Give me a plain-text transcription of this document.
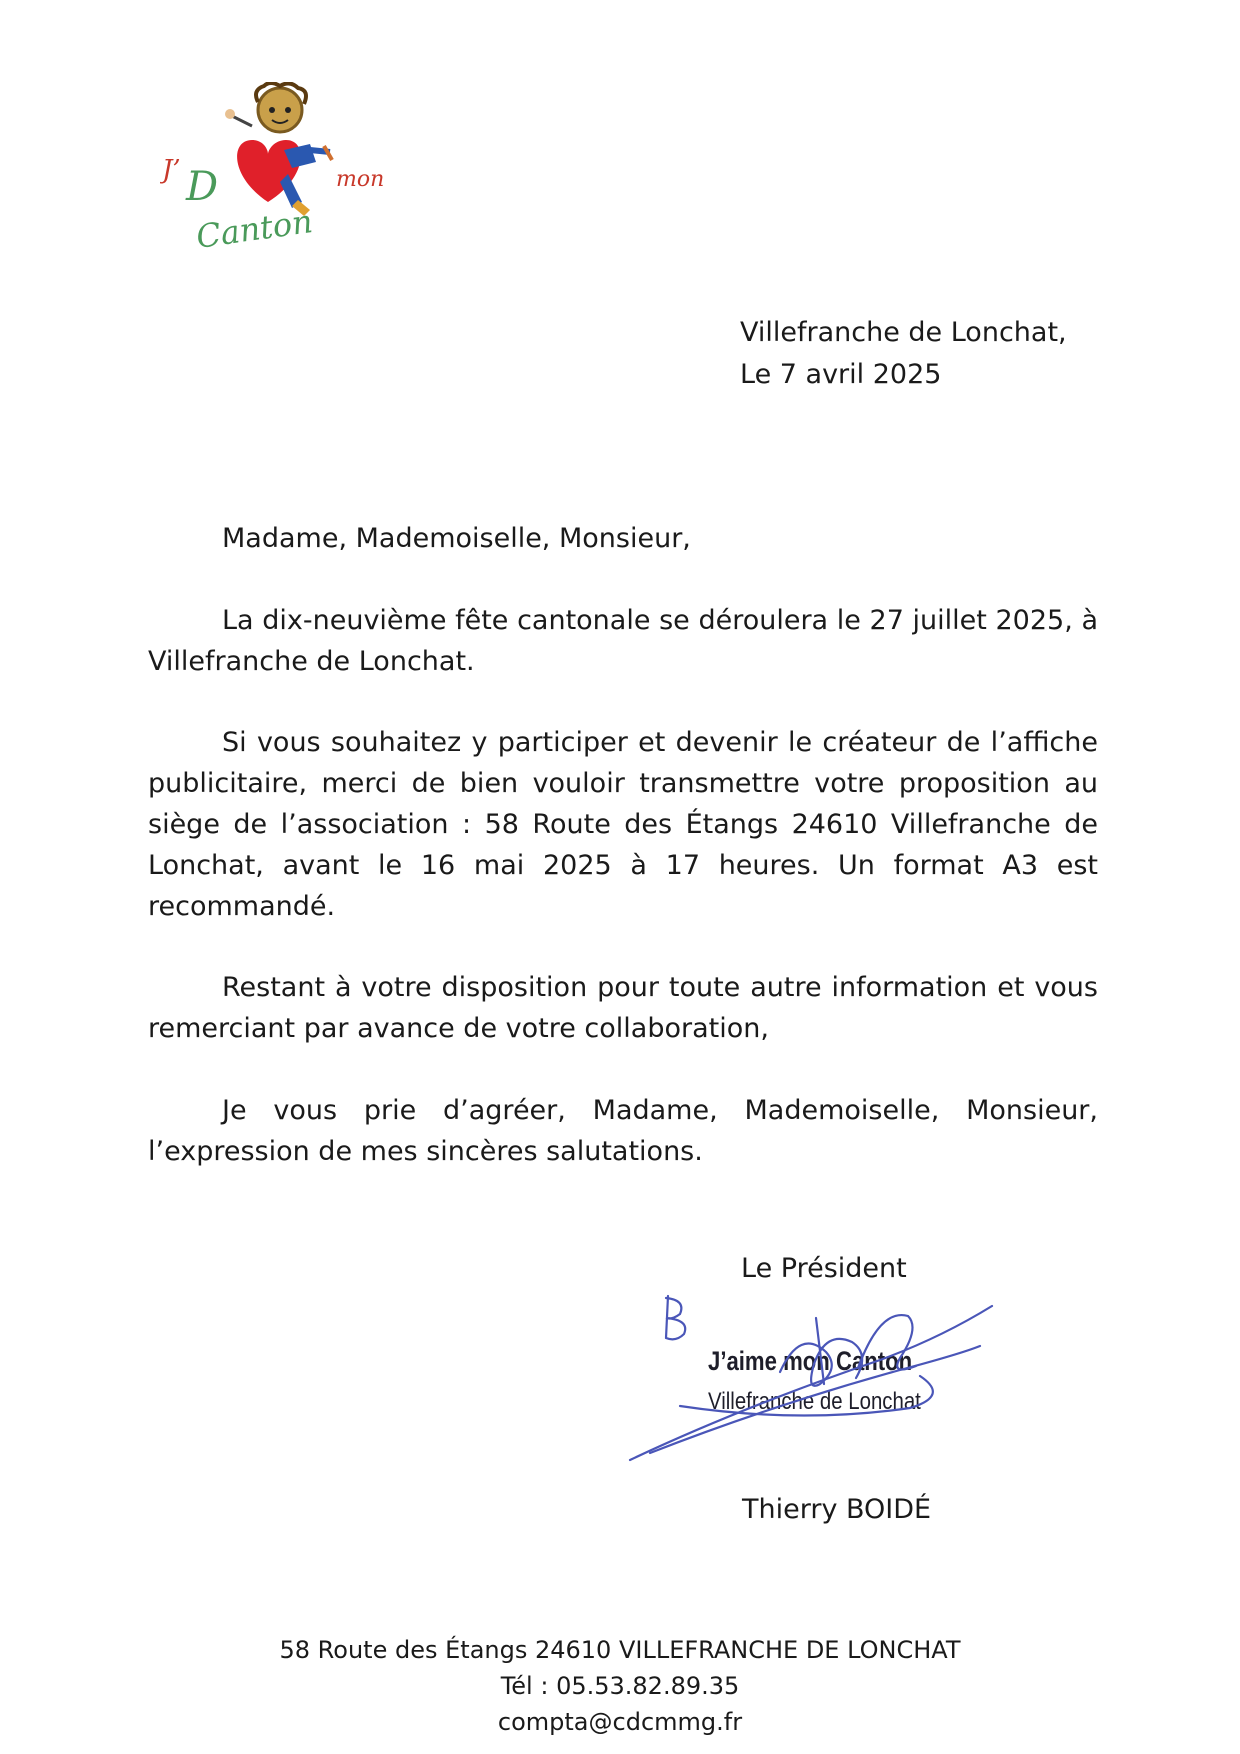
J’ D	mon
Canton
Villefranche de Lonchat,
Le 7 avril 2025
Madame, Mademoiselle, Monsieur,
La dix-neuvième fête cantonale se déroulera le 27 juillet 2025, à Villefranche de Lonchat.
Si vous souhaitez y participer et devenir le créateur de l’affiche publicitaire, merci de bien vouloir transmettre votre proposition au siège de l’association : 58 Route des Étangs 24610 Villefranche de Lonchat, avant le 16 mai 2025 à 17 heures. Un format A3 est recommandé.
Restant à votre disposition pour toute autre information et vous remerciant par avance de votre collaboration,
Je vous prie d’agréer, Madame, Mademoiselle, Monsieur, l’expression de mes sincères salutations.
Le Président
J’aime mon Canton
Villefranche de Lonchat
Thierry BOIDÉ
58 Route des Étangs 24610 VILLEFRANCHE DE LONCHAT
Tél : 05.53.82.89.35
compta@cdcmmg.fr
